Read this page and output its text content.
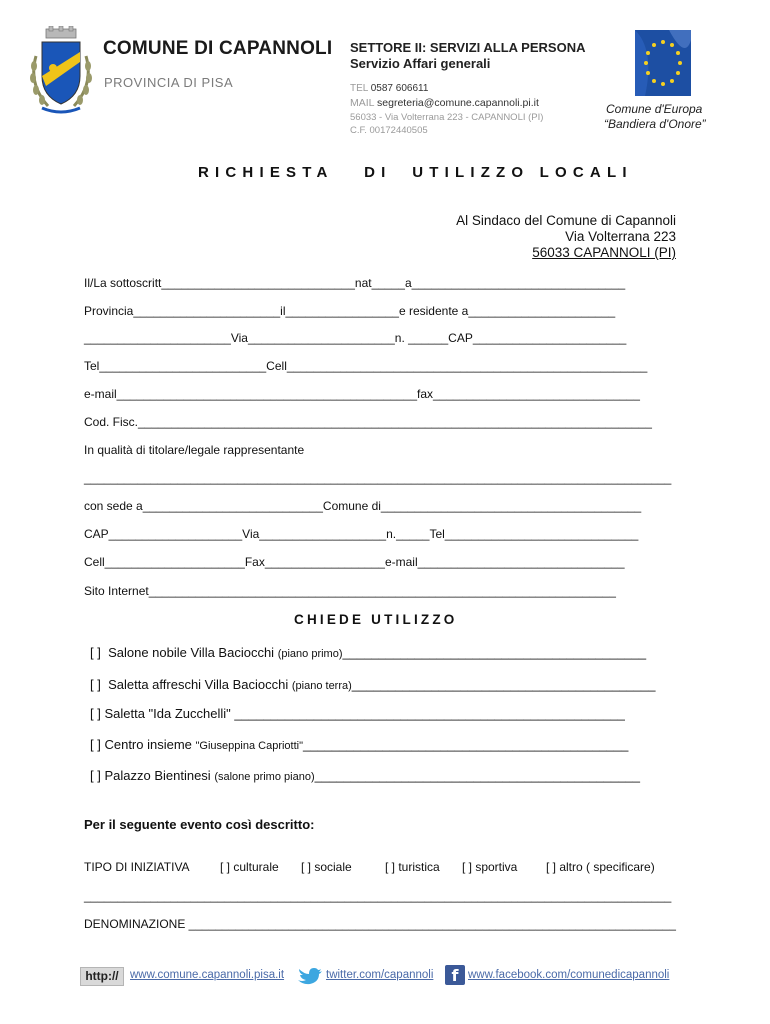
COMUNE DI CAPANNOLI
PROVINCIA DI PISA
SETTORE II: SERVIZI ALLA PERSONA
Servizio Affari generali
TEL 0587 606611
MAIL segreteria@comune.capannoli.pi.it
56033 - Via Volterrana 223 - CAPANNOLI (PI)
C.F. 00172440505
Comune d'Europa
“Bandiera d'Onore”
RICHIESTA   DI  UTILIZZO LOCALI
Al Sindaco del Comune di Capannoli
Via Volterrana 223
56033 CAPANNOLI (PI)
Il/La sottoscritt_____________________________nat_____a________________________________
Provincia______________________il_________________e residente a______________________
______________________Via______________________n. ______CAP_______________________
Tel_________________________Cell______________________________________________________
e-mail_____________________________________________fax_______________________________
Cod. Fisc._____________________________________________________________________________
In qualità di titolare/legale rappresentante
________________________________________________________________________________________
con sede a___________________________Comune di_______________________________________
CAP____________________Via___________________n._____Tel_____________________________
Cell_____________________Fax__________________e-mail_______________________________
Sito Internet______________________________________________________________________
CHIEDE UTILIZZO
[ ] Salone nobile Villa Baciocchi (piano primo)__________________________________________
[ ] Saletta affreschi Villa Baciocchi (piano terra)__________________________________________
[ ] Saletta "Ida Zucchelli" ______________________________________________________
[ ] Centro insieme "Giuseppina Capriotti"_____________________________________________
[ ] Palazzo Bientinesi (salone primo piano)_____________________________________________
Per il seguente evento così descritto:
TIPO DI INIZIATIVA	[ ] culturale [ ] sociale	[ ] turistica [ ] sportiva [ ] altro ( specificare)
________________________________________________________________________________________
DENOMINAZIONE _________________________________________________________________________
http:// www.comune.capannoli.pisa.it	twitter.com/capannoli	f www.facebook.com/comunedicapannoli
